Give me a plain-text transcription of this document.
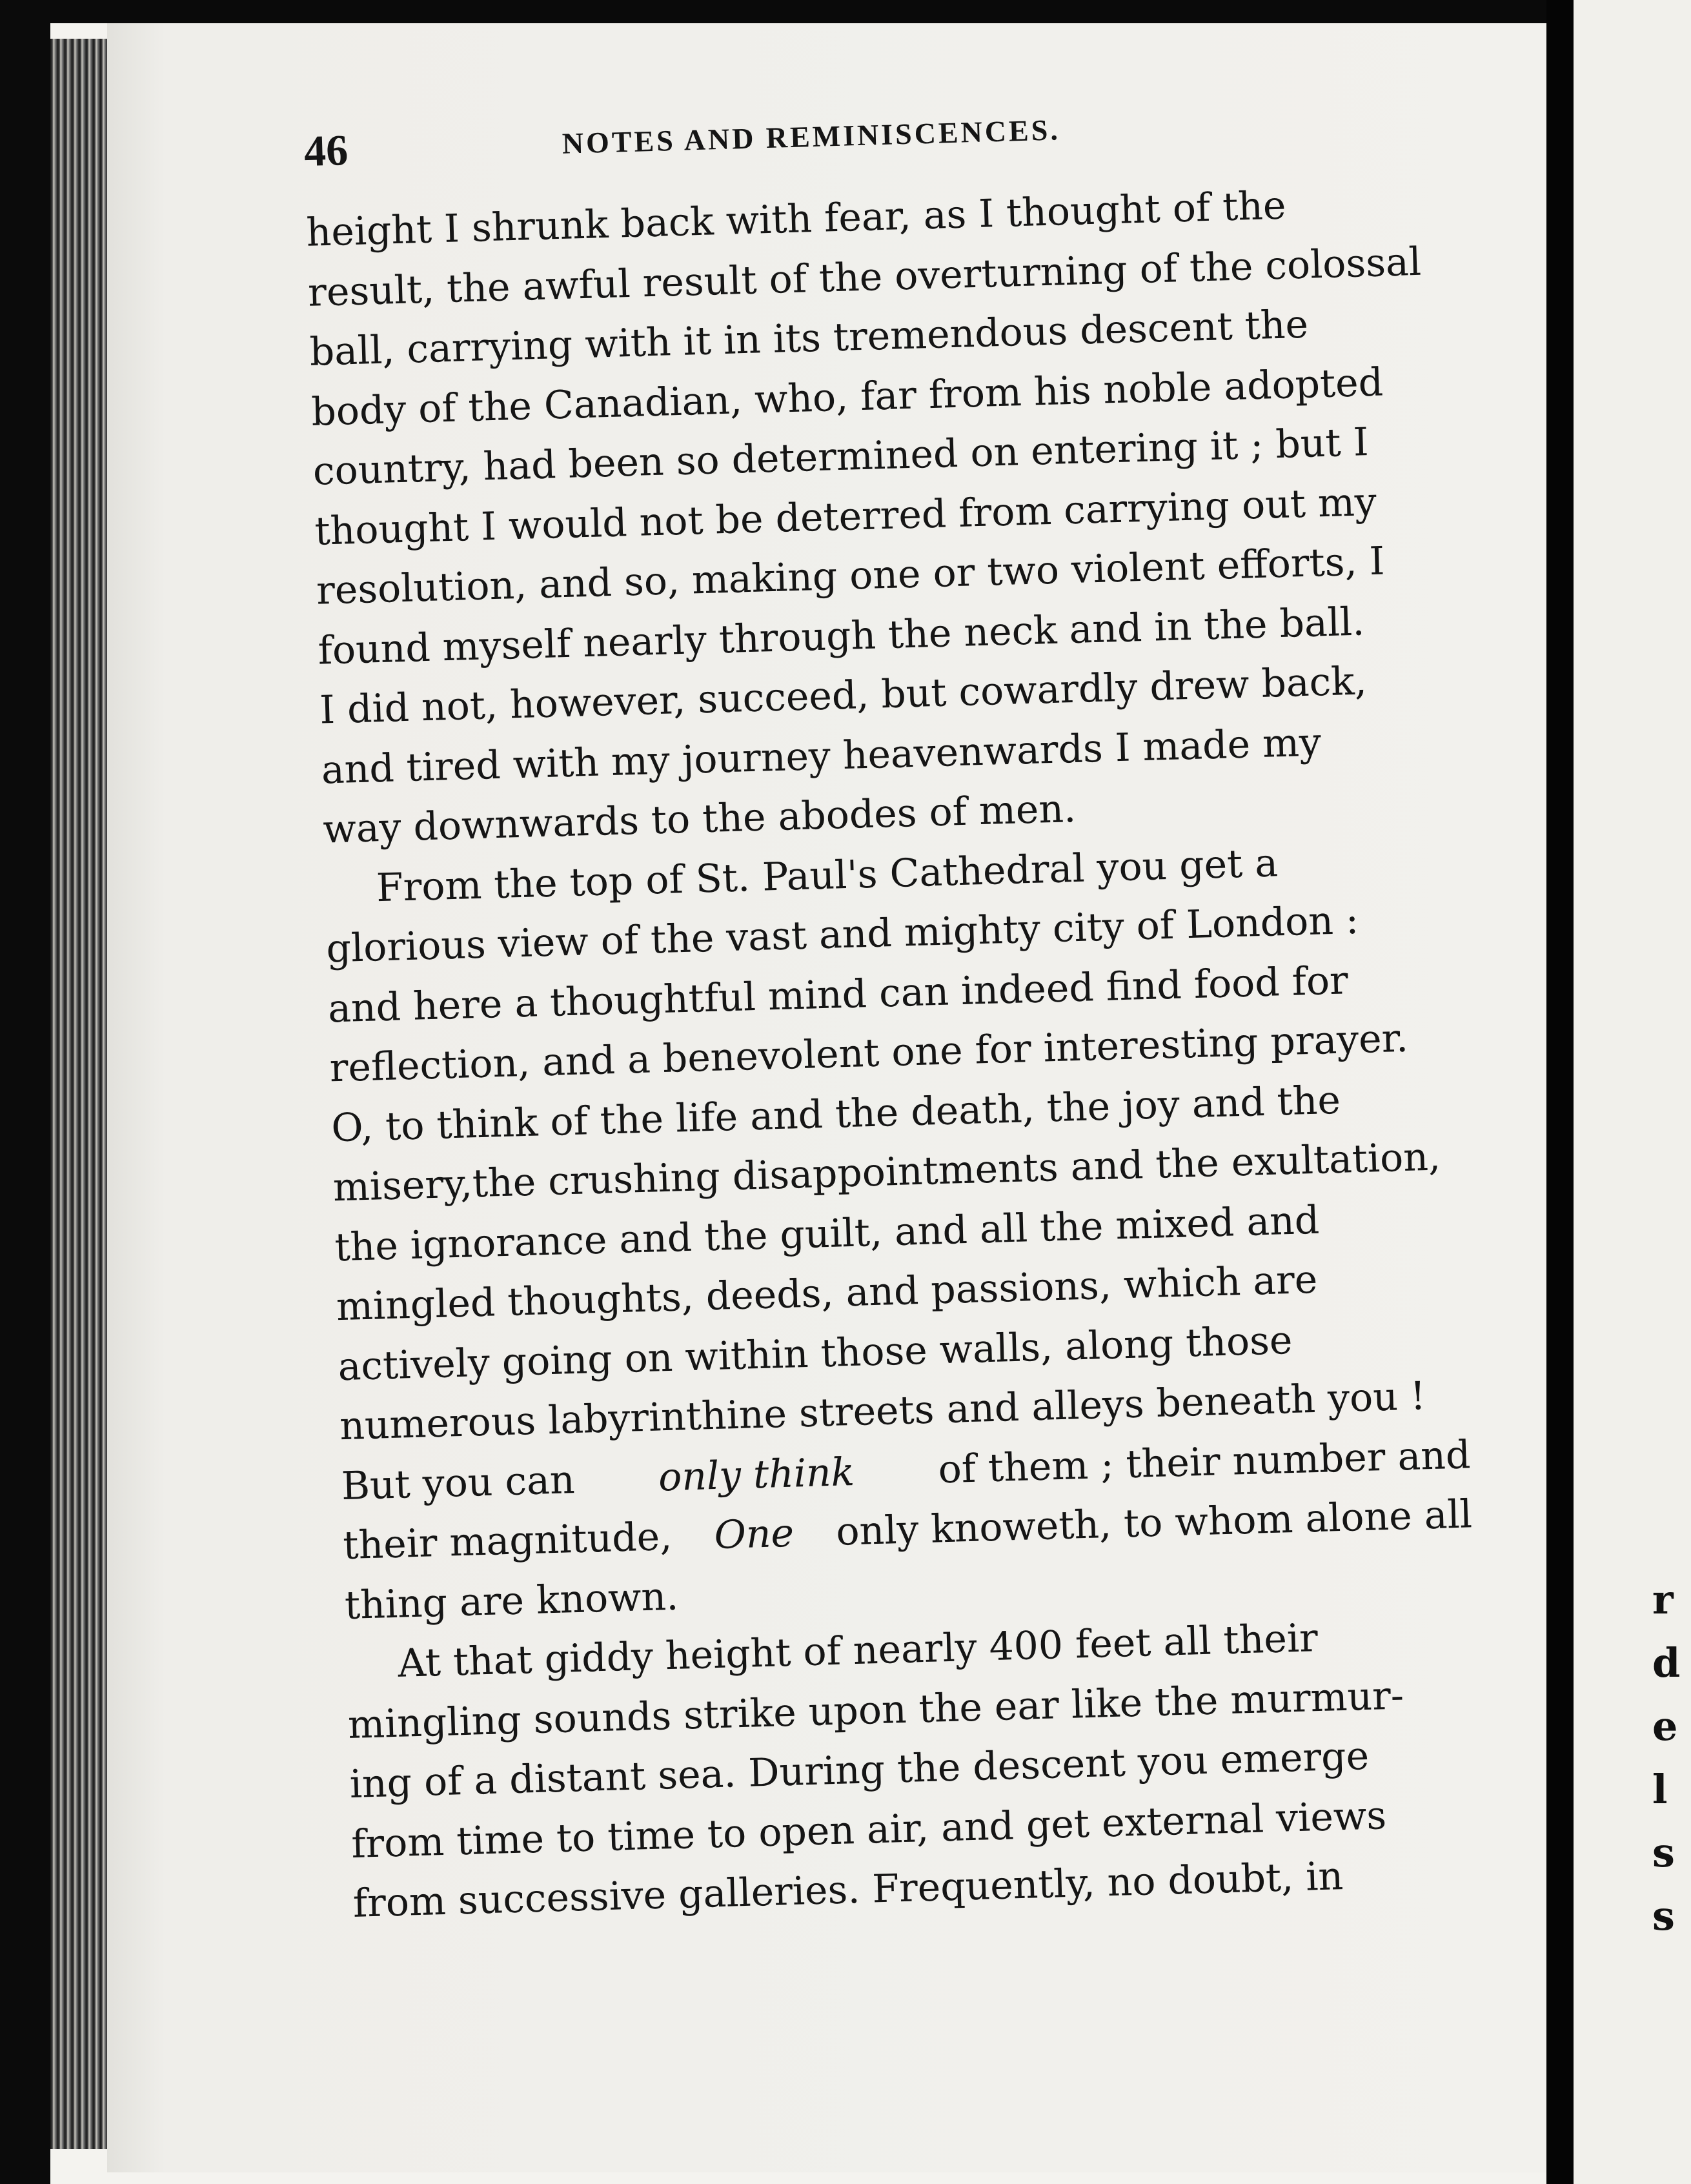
r
d
e
l
s
s
46	NOTES AND REMINISCENCES.
height I shrunk back with fear, as I thought of the
result, the awful result of the overturning of the colossal
ball, carrying with it in its tremendous descent the
body of the Canadian, who, far from his noble adopted
country, had been so determined on entering it ; but I
thought I would not be deterred from carrying out my
resolution, and so, making one or two violent efforts, I
found myself nearly through the neck and in the ball.
I did not, however, succeed, but cowardly drew back,
and tired with my journey heavenwards I made my
way downwards to the abodes of men.
From the top of St. Paul's Cathedral you get a
glorious view of the vast and mighty city of London :
and here a thoughtful mind can indeed find food for
reflection, and a benevolent one for interesting prayer.
O, to think of the life and the death, the joy and the
misery,the crushing disappointments and the exultation,
the ignorance and the guilt, and all the mixed and
mingled thoughts, deeds, and passions, which are
actively going on within those walls, along those
numerous labyrinthine streets and alleys beneath you !
But you can only think of them ; their number and
their magnitude, One only knoweth, to whom alone all
thing are known.
At that giddy height of nearly 400 feet all their
mingling sounds strike upon the ear like the murmur-
ing of a distant sea. During the descent you emerge
from time to time to open air, and get external views
from successive galleries. Frequently, no doubt, in
